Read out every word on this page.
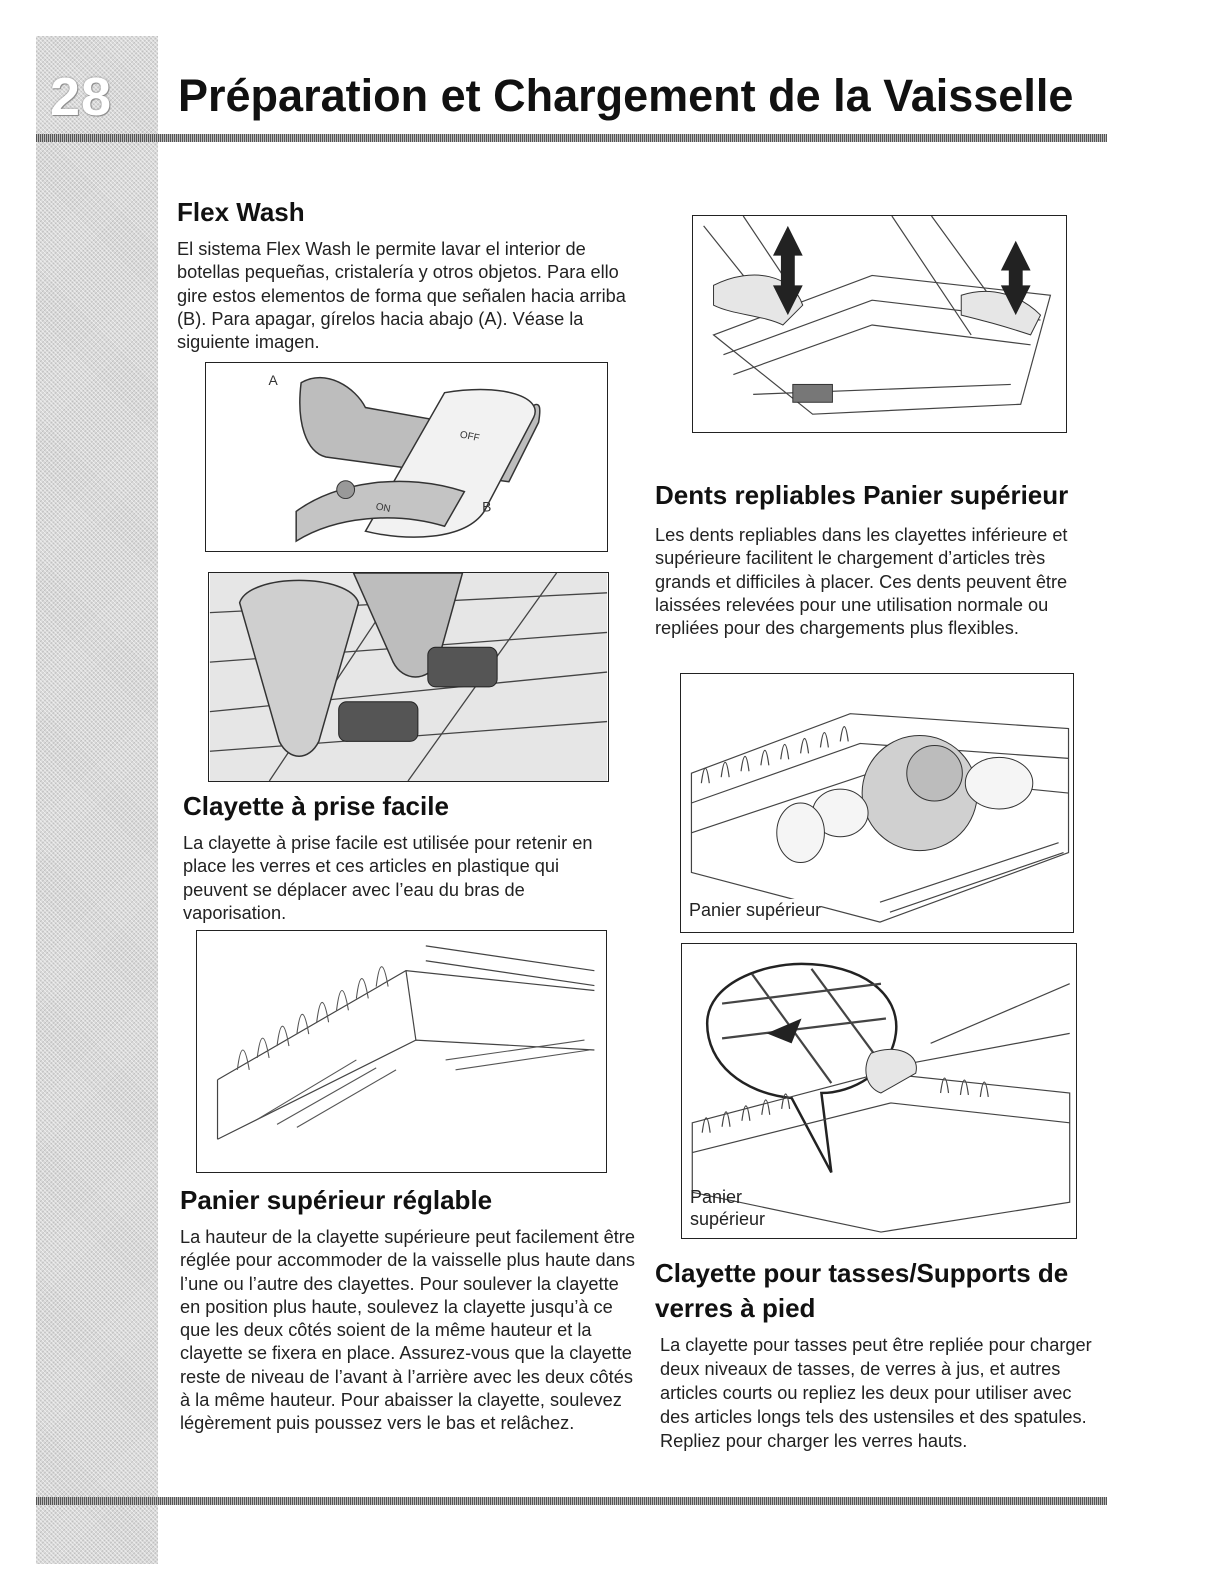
28 Préparation et Chargement de la Vaisselle
Flex Wash

El sistema Flex Wash le permite lavar el interior de botellas pequeñas, cristalería y otros objetos. Para ello gire estos elementos de forma que señalen hacia arriba (B). Para apagar, gírelos hacia abajo (A). Véase la siguiente imagen.

A
B
OFF
ON
Clayette à prise facile

La clayette à prise facile est utilisée pour retenir en place les verres et ces articles en plastique qui peuvent se déplacer avec l’eau du bras de vaporisation.

Panier supérieur réglable

La hauteur de la clayette supérieure peut facilement être réglée pour accommoder de la vaisselle plus haute dans l’une ou l’autre des clayettes. Pour soulever la clayette en position plus haute, soulevez la clayette jusqu’à ce que les deux côtés soient de la même hauteur et la clayette se fixera en place. Assurez-vous que la clayette reste de niveau de l’avant à l’arrière avec les deux côtés à la même hauteur. Pour abaisser la clayette, soulevez légèrement puis poussez vers le bas et relâchez.

Dents repliables Panier supérieur

Les dents repliables dans les clayettes inférieure et supérieure facilitent le chargement d’articles très grands et difficiles à placer. Ces dents peuvent être laissées relevées pour une utilisation normale ou repliées pour des chargements plus flexibles.

Panier supérieur
Panier
supérieur
Clayette pour tasses/Supports de verres à pied

La clayette pour tasses peut être repliée pour charger deux niveaux de tasses, de verres à jus, et autres articles courts ou repliez les deux pour utiliser avec des articles longs tels des ustensiles et des spatules. Repliez pour charger les verres hauts.
